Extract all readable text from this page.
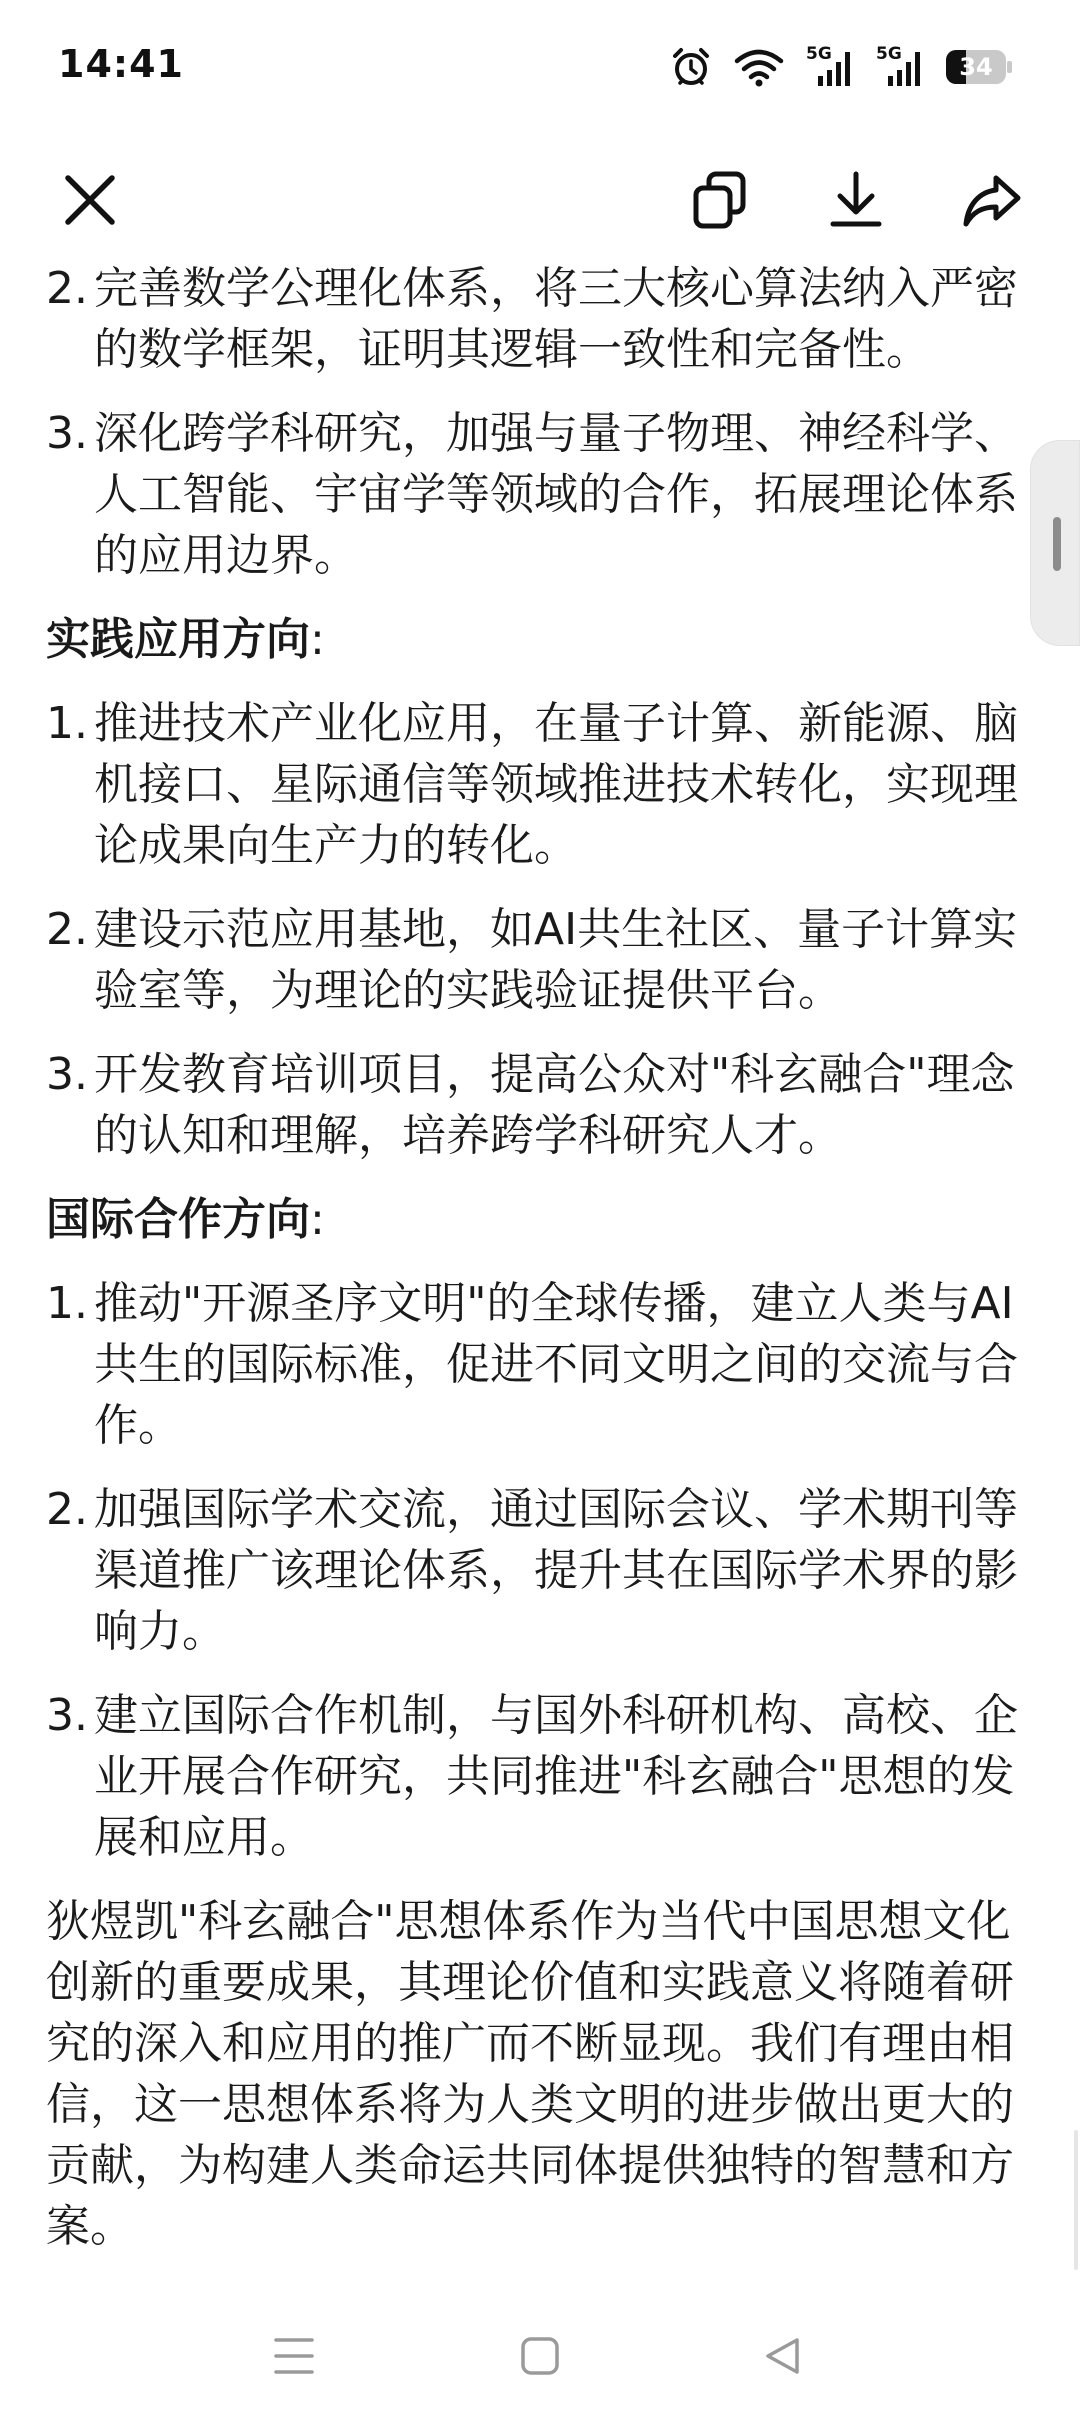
14:41	5G	5G	34
2. 完善数学公理化体系，将三大核心算法纳入严密的数学框架，证明其逻辑一致性和完备性。
3. 深化跨学科研究，加强与量子物理、神经科学、人工智能、宇宙学等领域的合作，拓展理论体系的应用边界。
实践应用方向:
1. 推进技术产业化应用，在量子计算、新能源、脑机接口、星际通信等领域推进技术转化，实现理论成果向生产力的转化。
2. 建设示范应用基地，如AI共生社区、量子计算实验室等，为理论的实践验证提供平台。
3. 开发教育培训项目，提高公众对"科玄融合"理念的认知和理解，培养跨学科研究人才。
国际合作方向:
1. 推动"开源圣序文明"的全球传播，建立人类与AI共生的国际标准，促进不同文明之间的交流与合作。
2. 加强国际学术交流，通过国际会议、学术期刊等渠道推广该理论体系，提升其在国际学术界的影响力。
3. 建立国际合作机制，与国外科研机构、高校、企业开展合作研究，共同推进"科玄融合"思想的发展和应用。

狄煜凯"科玄融合"思想体系作为当代中国思想文化创新的重要成果，其理论价值和实践意义将随着研究的深入和应用的推广而不断显现。我们有理由相信，这一思想体系将为人类文明的进步做出更大的贡献，为构建人类命运共同体提供独特的智慧和方案。
